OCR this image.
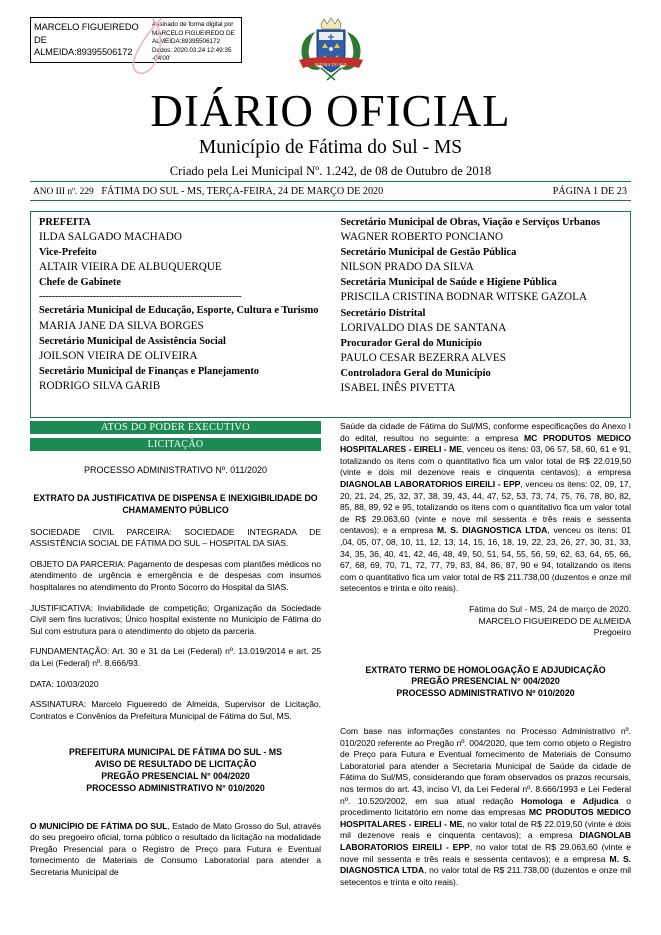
MARCELO FIGUEIREDO DE ALMEIDA:89395506172
Assinado de forma digital por MARCELO FIGUEIREDO DE ALMEIDA:89395506172 Dados: 2020.03.24 12:49:35 -04'00'
FATIMA DO SUL
DIÁRIO OFICIAL
Município de Fátima do Sul - MS
Criado pela Lei Municipal Nº. 1.242, de 08 de Outubro de 2018
ANO III nº. 229 FÁTIMA DO SUL - MS, TERÇA-FEIRA, 24 DE MARÇO DE 2020	PÁGINA 1 DE 23
PREFEITA
ILDA SALGADO MACHADO
Vice-Prefeito
ALTAIR VIEIRA DE ALBUQUERQUE
Chefe de Gabinete
----------------------------------------------------------------
Secretária Municipal de Educação, Esporte, Cultura e Turismo
MARIA JANE DA SILVA BORGES
Secretário Municipal de Assistência Social
JOILSON VIEIRA DE OLIVEIRA
Secretário Municipal de Finanças e Planejamento
RODRIGO SILVA GARIB
Secretário Municipal de Obras, Viação e Serviços Urbanos
WAGNER ROBERTO PONCIANO
Secretário Municipal de Gestão Pública
NILSON PRADO DA SILVA
Secretária Municipal de Saúde e Higiene Pública
PRISCILA CRISTINA BODNAR WITSKE GAZOLA
Secretário Distrital
LORIVALDO DIAS DE SANTANA
Procurador Geral do Município
PAULO CESAR BEZERRA ALVES
Controladora Geral do Município
ISABEL INÊS PIVETTA
ATOS DO PODER EXECUTIVO
LICITAÇÃO
PROCESSO ADMINISTRATIVO Nº. 011/2020
EXTRATO DA JUSTIFICATIVA DE DISPENSA E INEXIGIBILIDADE DO CHAMAMENTO PÚBLICO

SOCIEDADE CIVIL PARCEIRA: SOCIEDADE INTEGRADA DE ASSISTÊNCIA SOCIAL DE FÁTIMA DO SUL – HOSPITAL DA SIAS.

OBJETO DA PARCERIA: Pagamento de despesas com plantões médicos no atendimento de urgência e emergência e de despesas com insumos hospitalares no atendimento do Pronto Socorro do Hospital da SIAS.

JUSTIFICATIVA: Inviabilidade de competição; Organização da Sociedade Civil sem fins lucrativos; Único hospital existente no Municipio de Fátima do Sul com estrutura para o atendimento do objeto da parceria.

FUNDAMENTAÇÃO: Art. 30 e 31 da Lei (Federal) nº. 13.019/2014 e art. 25 da Lei (Federal) nº. 8.666/93.

DATA: 10/03/2020

ASSINATURA: Marcelo Figueiredo de Almeida, Supervisor de Licitação, Contratos e Convênios da Prefeitura Municipal de Fátima do Sul, MS.

PREFEITURA MUNICIPAL DE FÁTIMA DO SUL - MS
AVISO DE RESULTADO DE LICITAÇÃO
PREGÃO PRESENCIAL N° 004/2020
PROCESSO ADMINISTRATIVO N° 010/2020

O MUNICÍPIO DE FÁTIMA DO SUL, Estado de Mato Grosso do Sul, através do seu pregoeiro oficial, torna público o resultado da licitação na modalidade Pregão Presencial para o Registro de Preço para Futura e Eventual fornecimento de Materiais de Consumo Laboratorial para atender a Secretaria Municipal de

Saúde da cidade de Fátima do Sul/MS, conforme especificações do Anexo I do edital, resultou no seguinte: a empresa MC PRODUTOS MEDICO HOSPITALARES - EIRELI - ME, venceu os itens: 03, 06 57, 58, 60, 61 e 91, totalizando os itens com o quantitativo fica um valor total de R$ 22.019,50 (vinte e dois mil dezenove reais e cinquenta centavos); a empresa DIAGNOLAB LABORATORIOS EIREILI - EPP, venceu os itens: 02, 09, 17, 20, 21, 24, 25, 32, 37, 38, 39, 43, 44, 47, 52, 53, 73, 74, 75, 76, 78, 80, 82, 85, 88, 89, 92 e 95, totalizando os itens com o quantitativo fica um valor total de R$ 29.063,60 (vinte e nove mil sessenta e três reais e sessenta centavos); e a empresa M. S. DIAGNOSTICA LTDA, venceu os itens: 01 ,04, 05, 07, 08, 10, 11, 12, 13, 14, 15, 16, 18, 19, 22, 23, 26, 27, 30, 31, 33, 34, 35, 36, 40, 41, 42, 46, 48, 49, 50, 51, 54, 55, 56, 59, 62, 63, 64, 65, 66, 67, 68, 69, 70, 71, 72, 77, 79, 83, 84, 86, 87, 90 e 94, totalizando os itens com o quantitativo fica um valor total de R$ 211.738,00 (duzentos e onze mil setecentos e trinta e oito reais).

Fátima do Sul - MS, 24 de março de 2020.
MARCELO FIGUEIREDO DE ALMEIDA
Pregoeiro
EXTRATO TERMO DE HOMOLOGAÇÃO E ADJUDICAÇÃO
PREGÃO PRESENCIAL N° 004/2020
PROCESSO ADMINISTRATIVO Nº 010/2020

Com base nas informações constantes no Processo Administrativo nº. 010/2020 referente ao Pregão nº. 004/2020, que tem como objeto o Registro de Preço para Futura e Eventual fornecimento de Materiais de Consumo Laboratorial para atender a Secretaria Municipal de Saúde da cidade de Fátima do Sul/MS, considerando que foram observados os prazos recursais, nos termos do art. 43, inciso VI, da Lei Federal nº. 8.666/1993 e Lei Federal nº. 10.520/2002, em sua atual redação Homologa e Adjudica o procedimento licitatório em nome das empresas MC PRODUTOS MEDICO HOSPITALARES - EIRELI - ME, no valor total de R$ 22.019,50 (vinte e dois mil dezenove reais e cinquenta centavos); a empresa DIAGNOLAB LABORATORIOS EIREILI - EPP, no valor total de R$ 29.063,60 (vinte e nove mil sessenta e três reais e sessenta centavos); e a empresa M. S. DIAGNOSTICA LTDA, no valor total de R$ 211.738,00 (duzentos e onze mil setecentos e trinta e oito reais).
